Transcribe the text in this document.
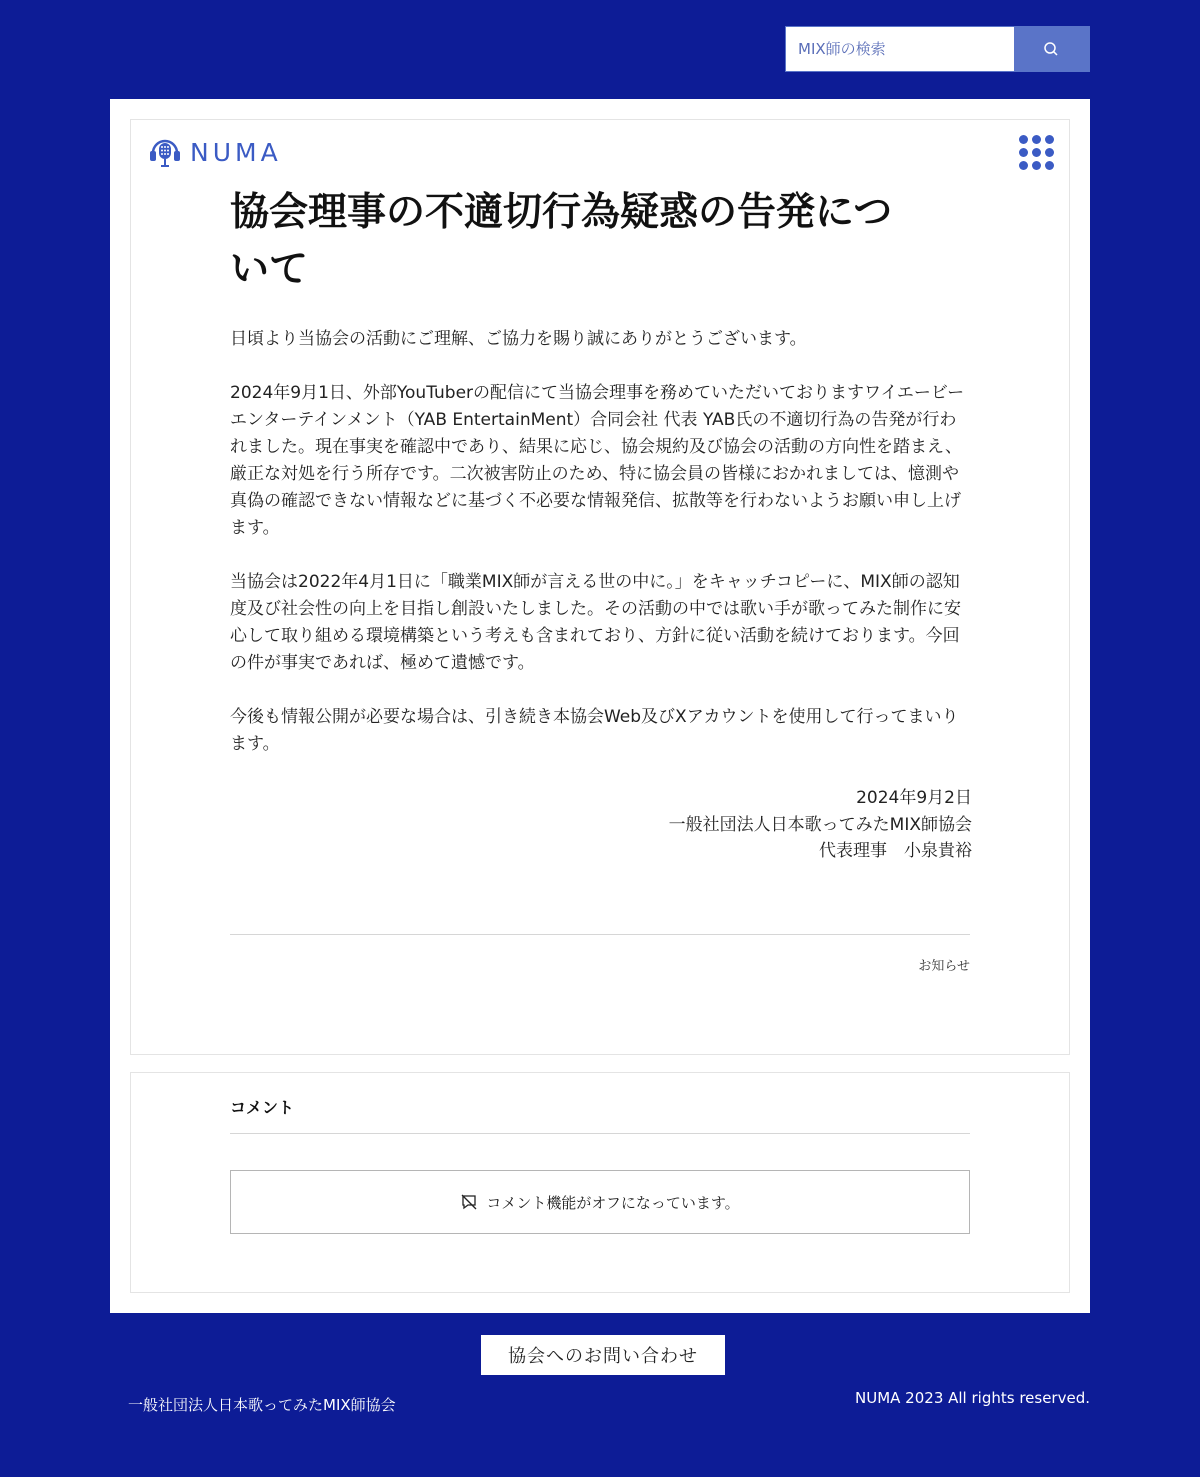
MIX師の検索
NUMA
協会理事の不適切行為疑惑の告発について

日頃より当協会の活動にご理解、ご協力を賜り誠にありがとうございます。

2024年9月1日、外部YouTuberの配信にて当協会理事を務めていただいておりますワイエービーエンターテインメント（YAB EntertainMent）合同会社 代表 YAB氏の不適切行為の告発が行われました。現在事実を確認中であり、結果に応じ、協会規約及び協会の活動の方向性を踏まえ、厳正な対処を行う所存です。二次被害防止のため、特に協会員の皆様におかれましては、憶測や真偽の確認できない情報などに基づく不必要な情報発信、拡散等を行わないようお願い申し上げます。

当協会は2022年4月1日に「職業MIX師が言える世の中に。」をキャッチコピーに、MIX師の認知度及び社会性の向上を目指し創設いたしました。その活動の中では歌い手が歌ってみた制作に安心して取り組める環境構築という考えも含まれており、方針に従い活動を続けております。今回の件が事実であれば、極めて遺憾です。

今後も情報公開が必要な場合は、引き続き本協会Web及びXアカウントを使用して行ってまいります。

2024年9月2日
一般社団法人日本歌ってみたMIX師協会
代表理事　小泉貴裕
お知らせ
コメント
コメント機能がオフになっています。
協会へのお問い合わせ
一般社団法人日本歌ってみたMIX師協会	NUMA 2023 All rights reserved.
